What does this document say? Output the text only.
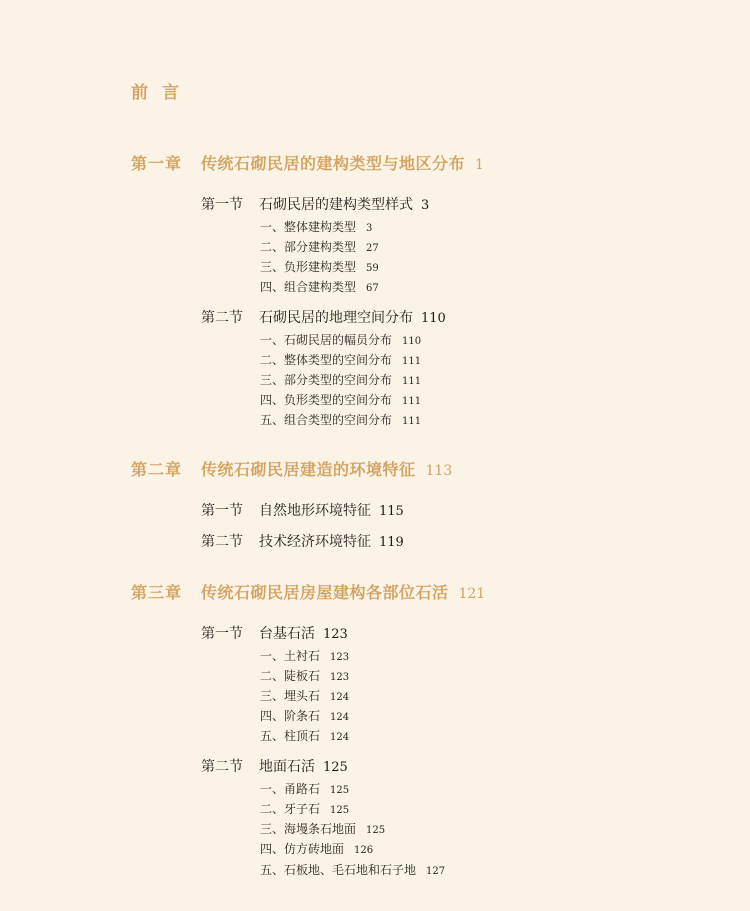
前言
第一章 传统石砌民居的建构类型与地区分布 1
第一节 石砌民居的建构类型样式 3
一、整体建构类型 3
二、部分建构类型 27
三、负形建构类型 59
四、组合建构类型 67
第二节 石砌民居的地理空间分布 110
一、石砌民居的幅员分布 110
二、整体类型的空间分布 111
三、部分类型的空间分布 111
四、负形类型的空间分布 111
五、组合类型的空间分布 111
第二章 传统石砌民居建造的环境特征 113
第一节 自然地形环境特征 115
第二节 技术经济环境特征 119
第三章 传统石砌民居房屋建构各部位石活 121
第一节 台基石活 123
一、土衬石 123
二、陡板石 123
三、埋头石 124
四、阶条石 124
五、柱顶石 124
第二节 地面石活 125
一、甬路石 125
二、牙子石 125
三、海墁条石地面 125
四、仿方砖地面 126
五、石板地、毛石地和石子地 127
